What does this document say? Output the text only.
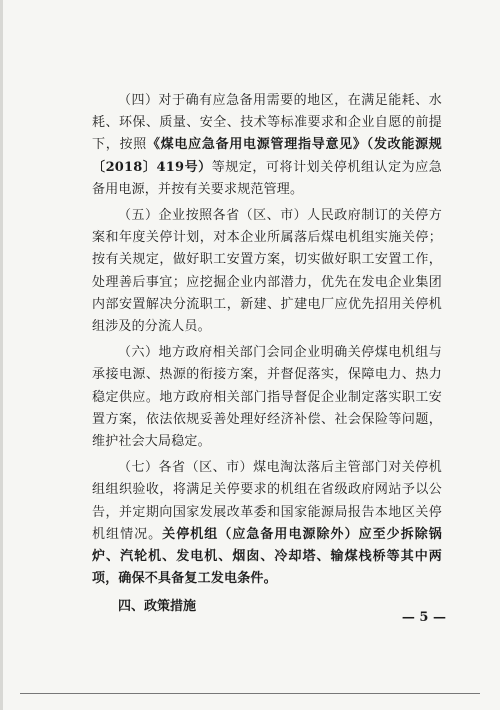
（四）对于确有应急备用需要的地区，在满足能耗、水耗、环保、质量、安全、技术等标准要求和企业自愿的前提下，按照《煤电应急备用电源管理指导意见》（发改能源规〔2018〕419号）等规定，可将计划关停机组认定为应急备用电源，并按有关要求规范管理。

（五）企业按照各省（区、市）人民政府制订的关停方案和年度关停计划，对本企业所属落后煤电机组实施关停；按有关规定，做好职工安置方案，切实做好职工安置工作，处理善后事宜；应挖掘企业内部潜力，优先在发电企业集团内部安置解决分流职工，新建、扩建电厂应优先招用关停机组涉及的分流人员。

（六）地方政府相关部门会同企业明确关停煤电机组与承接电源、热源的衔接方案，并督促落实，保障电力、热力稳定供应。地方政府相关部门指导督促企业制定落实职工安置方案，依法依规妥善处理好经济补偿、社会保险等问题，维护社会大局稳定。

（七）各省（区、市）煤电淘汰落后主管部门对关停机组组织验收，将满足关停要求的机组在省级政府网站予以公告，并定期向国家发展改革委和国家能源局报告本地区关停机组情况。关停机组（应急备用电源除外）应至少拆除锅炉、汽轮机、发电机、烟囱、冷却塔、输煤栈桥等其中两项，确保不具备复工发电条件。

四、政策措施

— 5 —
